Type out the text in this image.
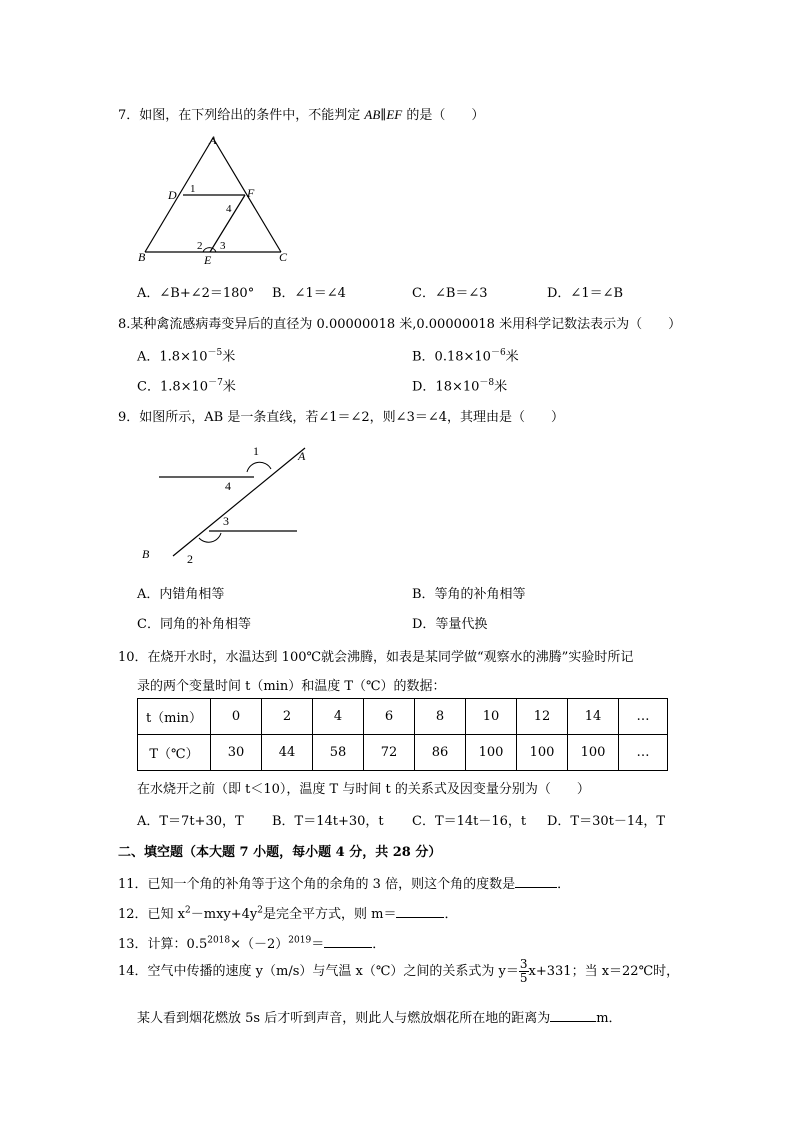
7．如图，在下列给出的条件中，不能判定 AB∥EF 的是（　　）
A
B	C
D
E
F
1
2 3
4
A．∠B+∠2＝180° B．∠1＝∠4	C．∠B＝∠3	D．∠1＝∠B
8.某种禽流感病毒变异后的直径为 0.00000018 米,0.00000018 米用科学记数法表示为（　　）
A．$1.8\times 10^{-5}$米	B．$0.18\times 10^{-6}$米
C．$1.8\times 10^{-7}$米	D．$18\times 10^{-8}$米
9．如图所示，AB 是一条直线，若∠1＝∠2，则∠3＝∠4，其理由是（　　）
1
2
3
4
A
B
A．内错角相等	B．等角的补角相等
C．同角的补角相等	D．等量代换
10．在烧开水时，水温达到 100℃就会沸腾，如表是某同学做“观察水的沸腾”实验时所记
录的两个变量时间 t（min）和温度 T（℃）的数据：
t（min）	0	2	4	6	8	10	12	14	…
T（℃）	30	44	58	72	86	100	100	100	…
在水烧开之前（即 t＜10），温度 T 与时间 t 的关系式及因变量分别为（　　）
A．T＝7t+30，T B．T＝14t+30，t C．T＝14t－16，t D．T＝30t－14，T
二、填空题（本大题 7 小题，每小题 4 分，共 28 分）
11．已知一个角的补角等于这个角的余角的 3 倍，则这个角的度数是	．
12．已知 $x^2-mxy+4y^2$是完全平方式，则 m＝	．
13．计算：$0.5^{2018}\times(-2)^{2019}=$	．
14．空气中传播的速度 y（m/s）与气温 x（℃）之间的关系式为 $y= \frac{3}{5} x+331$；当 x＝22℃时，
某人看到烟花燃放 5s 后才听到声音，则此人与燃放烟花所在地的距离为	m．
